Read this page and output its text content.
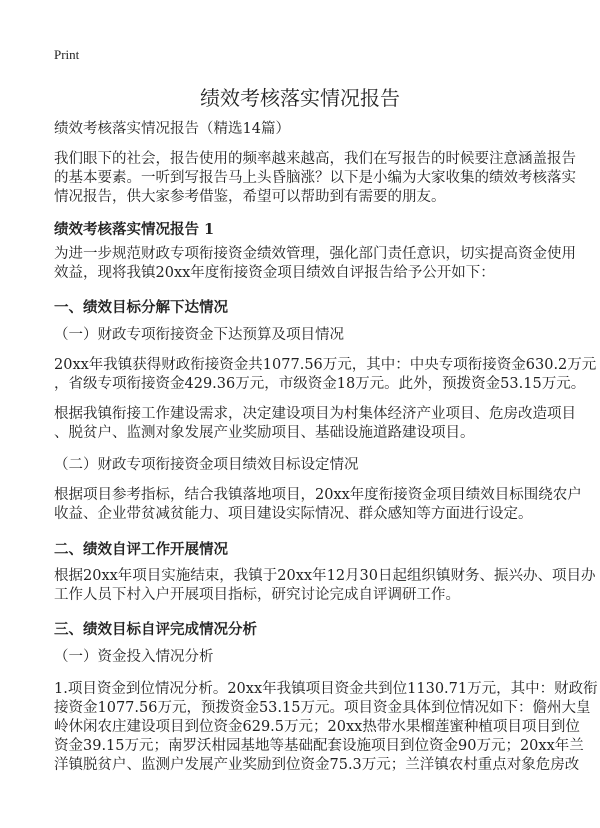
Print
绩效考核落实情况报告
绩效考核落实情况报告（精选14篇）
我们眼下的社会，报告使用的频率越来越高，我们在写报告的时候要注意涵盖报告
的基本要素。一听到写报告马上头昏脑涨？以下是小编为大家收集的绩效考核落实
情况报告，供大家参考借鉴，希望可以帮助到有需要的朋友。
绩效考核落实情况报告 1
为进一步规范财政专项衔接资金绩效管理，强化部门责任意识，切实提高资金使用
效益，现将我镇20xx年度衔接资金项目绩效自评报告给予公开如下：
一、绩效目标分解下达情况
（一）财政专项衔接资金下达预算及项目情况
20xx年我镇获得财政衔接资金共1077.56万元，其中：中央专项衔接资金630.2万元
，省级专项衔接资金429.36万元，市级资金18万元。此外，预拨资金53.15万元。
根据我镇衔接工作建设需求，决定建设项目为村集体经济产业项目、危房改造项目
、脱贫户、监测对象发展产业奖励项目、基础设施道路建设项目。
（二）财政专项衔接资金项目绩效目标设定情况
根据项目参考指标，结合我镇落地项目，20xx年度衔接资金项目绩效目标围绕农户
收益、企业带贫减贫能力、项目建设实际情况、群众感知等方面进行设定。
二、绩效自评工作开展情况
根据20xx年项目实施结束，我镇于20xx年12月30日起组织镇财务、振兴办、项目办
工作人员下村入户开展项目指标，研究讨论完成自评调研工作。
三、绩效目标自评完成情况分析
（一）资金投入情况分析
1.项目资金到位情况分析。20xx年我镇项目资金共到位1130.71万元，其中：财政衔
接资金1077.56万元，预拨资金53.15万元。项目资金具体到位情况如下：儋州大皇
岭休闲农庄建设项目到位资金629.5万元；20xx热带水果榴莲蜜种植项目项目到位
资金39.15万元；南罗沃柑园基地等基础配套设施项目到位资金90万元；20xx年兰
洋镇脱贫户、监测户发展产业奖励到位资金75.3万元；兰洋镇农村重点对象危房改
